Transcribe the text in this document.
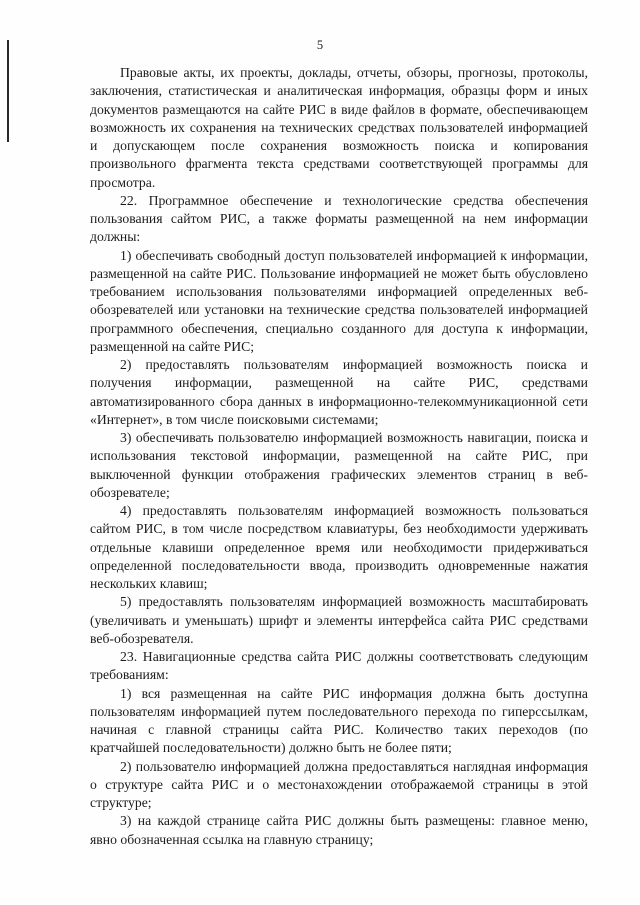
5

Правовые акты, их проекты, доклады, отчеты, обзоры, прогнозы, протоколы, заключения, статистическая и аналитическая информация, образцы форм и иных документов размещаются на сайте РИС в виде файлов в формате, обеспечивающем возможность их сохранения на технических средствах пользователей информацией и допускающем после сохранения возможность поиска и копирования произвольного фрагмента текста средствами соответствующей программы для просмотра.

22. Программное обеспечение и технологические средства обеспечения пользования сайтом РИС, а также форматы размещенной на нем информации должны:

1) обеспечивать свободный доступ пользователей информацией к информации, размещенной на сайте РИС. Пользование информацией не может быть обусловлено требованием использования пользователями информацией определенных веб-обозревателей или установки на технические средства пользователей информацией программного обеспечения, специально созданного для доступа к информации, размещенной на сайте РИС;

2) предоставлять пользователям информацией возможность поиска и получения информации, размещенной на сайте РИС, средствами автоматизированного сбора данных в информационно-телекоммуникационной сети «Интернет», в том числе поисковыми системами;

3) обеспечивать пользователю информацией возможность навигации, поиска и использования текстовой информации, размещенной на сайте РИС, при выключенной функции отображения графических элементов страниц в веб-обозревателе;

4) предоставлять пользователям информацией возможность пользоваться сайтом РИС, в том числе посредством клавиатуры, без необходимости удерживать отдельные клавиши определенное время или необходимости придерживаться определенной последовательности ввода, производить одновременные нажатия нескольких клавиш;

5) предоставлять пользователям информацией возможность масштабировать (увеличивать и уменьшать) шрифт и элементы интерфейса сайта РИС средствами веб-обозревателя.

23. Навигационные средства сайта РИС должны соответствовать следующим требованиям:

1) вся размещенная на сайте РИС информация должна быть доступна пользователям информацией путем последовательного перехода по гиперссылкам, начиная с главной страницы сайта РИС. Количество таких переходов (по кратчайшей последовательности) должно быть не более пяти;

2) пользователю информацией должна предоставляться наглядная информация о структуре сайта РИС и о местонахождении отображаемой страницы в этой структуре;

3) на каждой странице сайта РИС должны быть размещены: главное меню, явно обозначенная ссылка на главную страницу;
